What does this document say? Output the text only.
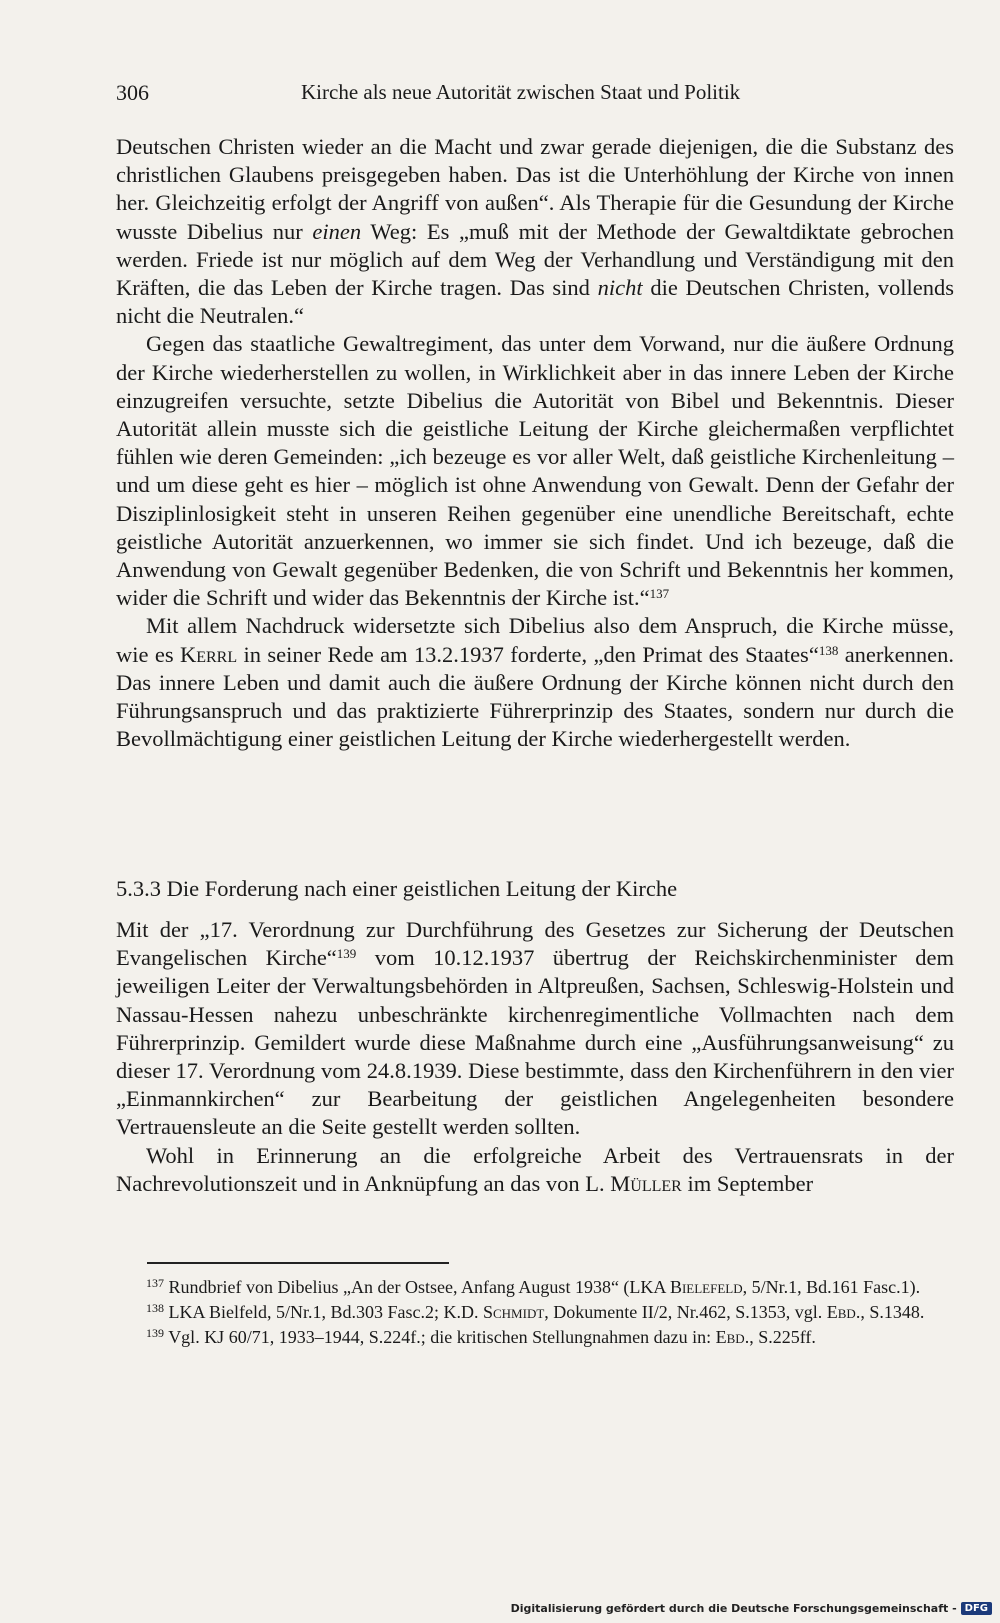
306	Kirche als neue Autorität zwischen Staat und Politik

Deutschen Christen wieder an die Macht und zwar gerade diejenigen, die die Substanz des christlichen Glaubens preisgegeben haben. Das ist die Unterhöhlung der Kirche von innen her. Gleichzeitig erfolgt der Angriff von außen“. Als Therapie für die Gesundung der Kirche wusste Dibelius nur einen Weg: Es „muß mit der Methode der Gewaltdiktate gebrochen werden. Friede ist nur möglich auf dem Weg der Verhandlung und Verständigung mit den Kräften, die das Leben der Kirche tragen. Das sind nicht die Deutschen Christen, vollends nicht die Neutralen.“

Gegen das staatliche Gewaltregiment, das unter dem Vorwand, nur die äußere Ordnung der Kirche wiederherstellen zu wollen, in Wirklichkeit aber in das innere Leben der Kirche einzugreifen versuchte, setzte Dibelius die Autorität von Bibel und Bekenntnis. Dieser Autorität allein musste sich die geistliche Leitung der Kirche gleichermaßen verpflichtet fühlen wie deren Gemeinden: „ich bezeuge es vor aller Welt, daß geistliche Kirchenleitung – und um diese geht es hier – möglich ist ohne Anwendung von Gewalt. Denn der Gefahr der Disziplinlosigkeit steht in unseren Reihen gegenüber eine unendliche Bereitschaft, echte geistliche Autorität anzuerkennen, wo immer sie sich findet. Und ich bezeuge, daß die Anwendung von Gewalt gegenüber Bedenken, die von Schrift und Bekenntnis her kommen, wider die Schrift und wider das Bekenntnis der Kirche ist.“$^{137}$

Mit allem Nachdruck widersetzte sich Dibelius also dem Anspruch, die Kirche müsse, wie es Kerrl in seiner Rede am 13.2.1937 forderte, „den Primat des Staates“$^{138}$ anerkennen. Das innere Leben und damit auch die äußere Ordnung der Kirche können nicht durch den Führungsanspruch und das praktizierte Führerprinzip des Staates, sondern nur durch die Bevollmächtigung einer geistlichen Leitung der Kirche wiederhergestellt werden.

5.3.3 Die Forderung nach einer geistlichen Leitung der Kirche

Mit der „17. Verordnung zur Durchführung des Gesetzes zur Sicherung der Deutschen Evangelischen Kirche“$^{139}$ vom 10.12.1937 übertrug der Reichskirchenminister dem jeweiligen Leiter der Verwaltungsbehörden in Altpreußen, Sachsen, Schleswig-Holstein und Nassau-Hessen nahezu unbeschränkte kirchenregimentliche Vollmachten nach dem Führerprinzip. Gemildert wurde diese Maßnahme durch eine „Ausführungsanweisung“ zu dieser 17. Verordnung vom 24.8.1939. Diese bestimmte, dass den Kirchenführern in den vier „Einmannkirchen“ zur Bearbeitung der geistlichen Angelegenheiten besondere Vertrauensleute an die Seite gestellt werden sollten.

Wohl in Erinnerung an die erfolgreiche Arbeit des Vertrauensrats in der Nachrevolutionszeit und in Anknüpfung an das von L. Müller im September

$^{137}$ Rundbrief von Dibelius „An der Ostsee, Anfang August 1938“ (LKA Bielefeld, 5/Nr.1, Bd.161 Fasc.1).

$^{138}$ LKA Bielfeld, 5/Nr.1, Bd.303 Fasc.2; K.D. Schmidt, Dokumente II/2, Nr.462, S.1353, vgl. Ebd., S.1348.

$^{139}$ Vgl. KJ 60/71, 1933–1944, S.224f.; die kritischen Stellungnahmen dazu in: Ebd., S.225ff.

Digitalisierung gefördert durch die Deutsche Forschungsgemeinschaft - DFG
